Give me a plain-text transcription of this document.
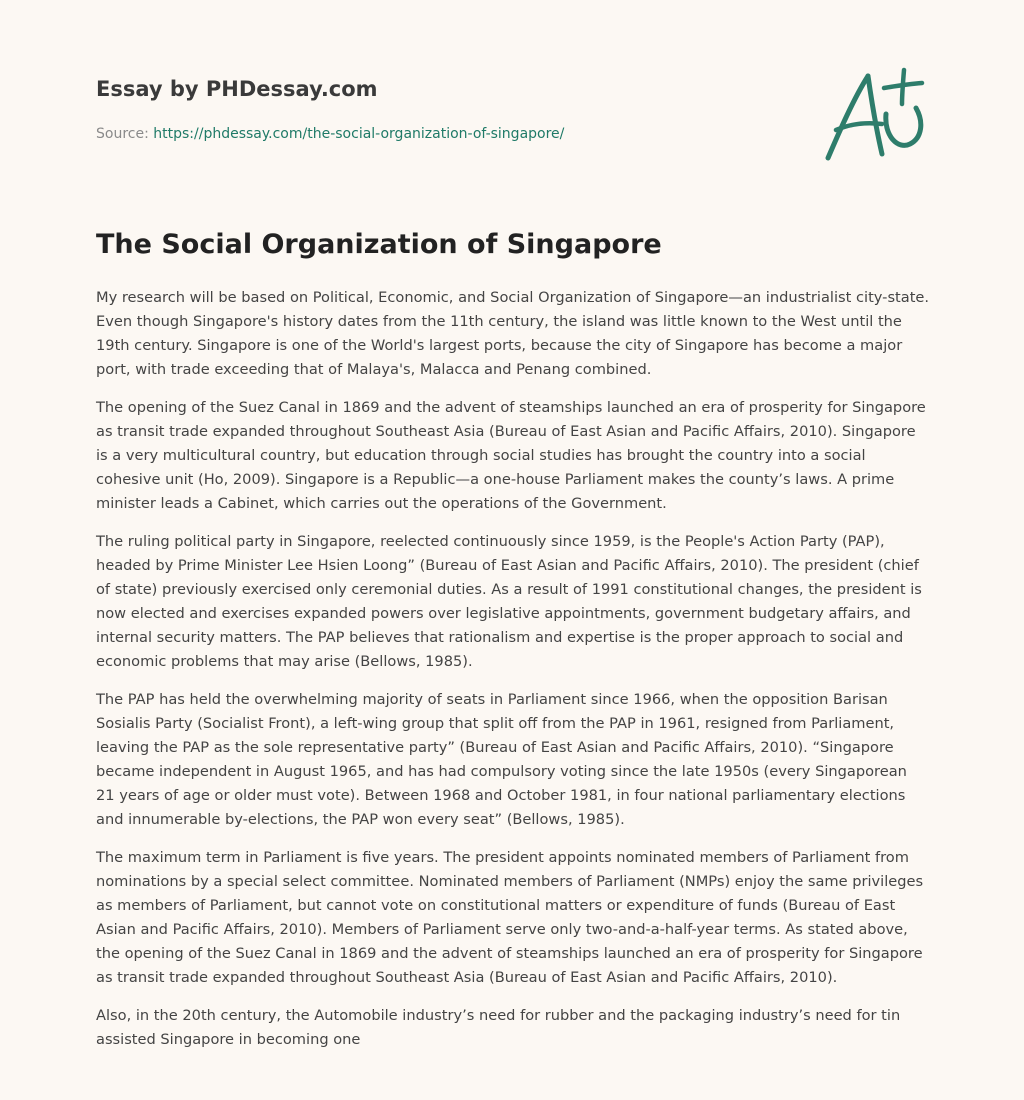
Essay by PHDessay.com
Source: https://phdessay.com/the-social-organization-of-singapore/
The Social Organization of Singapore

My research will be based on Political, Economic, and Social Organization of Singapore—an industrialist city-state. Even though Singapore's history dates from the 11th century, the island was little known to the West until the 19th century. Singapore is one of the World's largest ports, because the city of Singapore has become a major port, with trade exceeding that of Malaya's, Malacca and Penang combined.

The opening of the Suez Canal in 1869 and the advent of steamships launched an era of prosperity for Singapore as transit trade expanded throughout Southeast Asia (Bureau of East Asian and Pacific Affairs, 2010). Singapore is a very multicultural country, but education through social studies has brought the country into a social cohesive unit (Ho, 2009). Singapore is a Republic—a one-house Parliament makes the county’s laws. A prime minister leads a Cabinet, which carries out the operations of the Government.

The ruling political party in Singapore, reelected continuously since 1959, is the People's Action Party (PAP), headed by Prime Minister Lee Hsien Loong” (Bureau of East Asian and Pacific Affairs, 2010). The president (chief of state) previously exercised only ceremonial duties. As a result of 1991 constitutional changes, the president is now elected and exercises expanded powers over legislative appointments, government budgetary affairs, and internal security matters. The PAP believes that rationalism and expertise is the proper approach to social and economic problems that may arise (Bellows, 1985).

The PAP has held the overwhelming majority of seats in Parliament since 1966, when the opposition Barisan Sosialis Party (Socialist Front), a left-wing group that split off from the PAP in 1961, resigned from Parliament, leaving the PAP as the sole representative party” (Bureau of East Asian and Pacific Affairs, 2010). “Singapore became independent in August 1965, and has had compulsory voting since the late 1950s (every Singaporean 21 years of age or older must vote). Between 1968 and October 1981, in four national parliamentary elections and innumerable by-elections, the PAP won every seat” (Bellows, 1985).

The maximum term in Parliament is five years. The president appoints nominated members of Parliament from nominations by a special select committee. Nominated members of Parliament (NMPs) enjoy the same privileges as members of Parliament, but cannot vote on constitutional matters or expenditure of funds (Bureau of East Asian and Pacific Affairs, 2010). Members of Parliament serve only two-and-a-half-year terms. As stated above, the opening of the Suez Canal in 1869 and the advent of steamships launched an era of prosperity for Singapore as transit trade expanded throughout Southeast Asia (Bureau of East Asian and Pacific Affairs, 2010).

Also, in the 20th century, the Automobile industry’s need for rubber and the packaging industry’s need for tin assisted Singapore in becoming one
